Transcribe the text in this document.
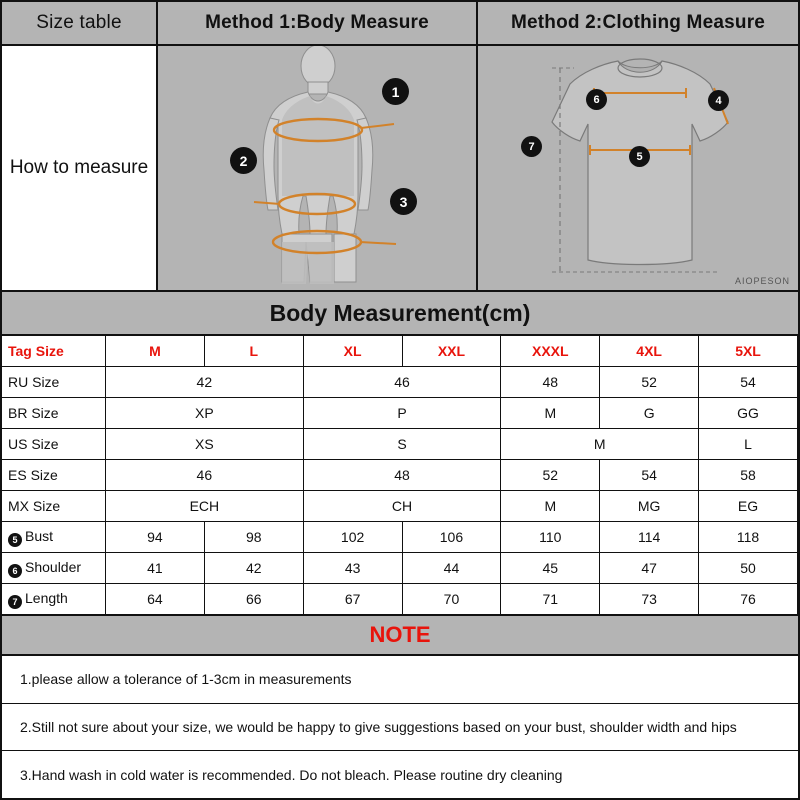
Size table
How to measure
Method 1:Body Measure
1
2
3
Method 2:Clothing Measure
4
5
6
7
AIOPESON
Body Measurement(cm)
Tag Size	M	L	XL	XXL	XXXL	4XL	5XL
RU Size	42		46		48	52	54
BR Size	XP		P		M	G	GG
US Size	XS		S		M		L
ES Size	46		48		52	54	58
MX Size	ECH		CH		M	MG	EG
5 Bust	94	98	102	106	110	114	118
6 Shoulder	41	42	43	44	45	47	50
7 Length	64	66	67	70	71	73	76
NOTE
1.please allow a tolerance of 1-3cm in measurements
2.Still not sure about your size, we would be happy to give suggestions based on your bust, shoulder width and hips
3.Hand wash in cold water is recommended. Do not bleach. Please routine dry cleaning
